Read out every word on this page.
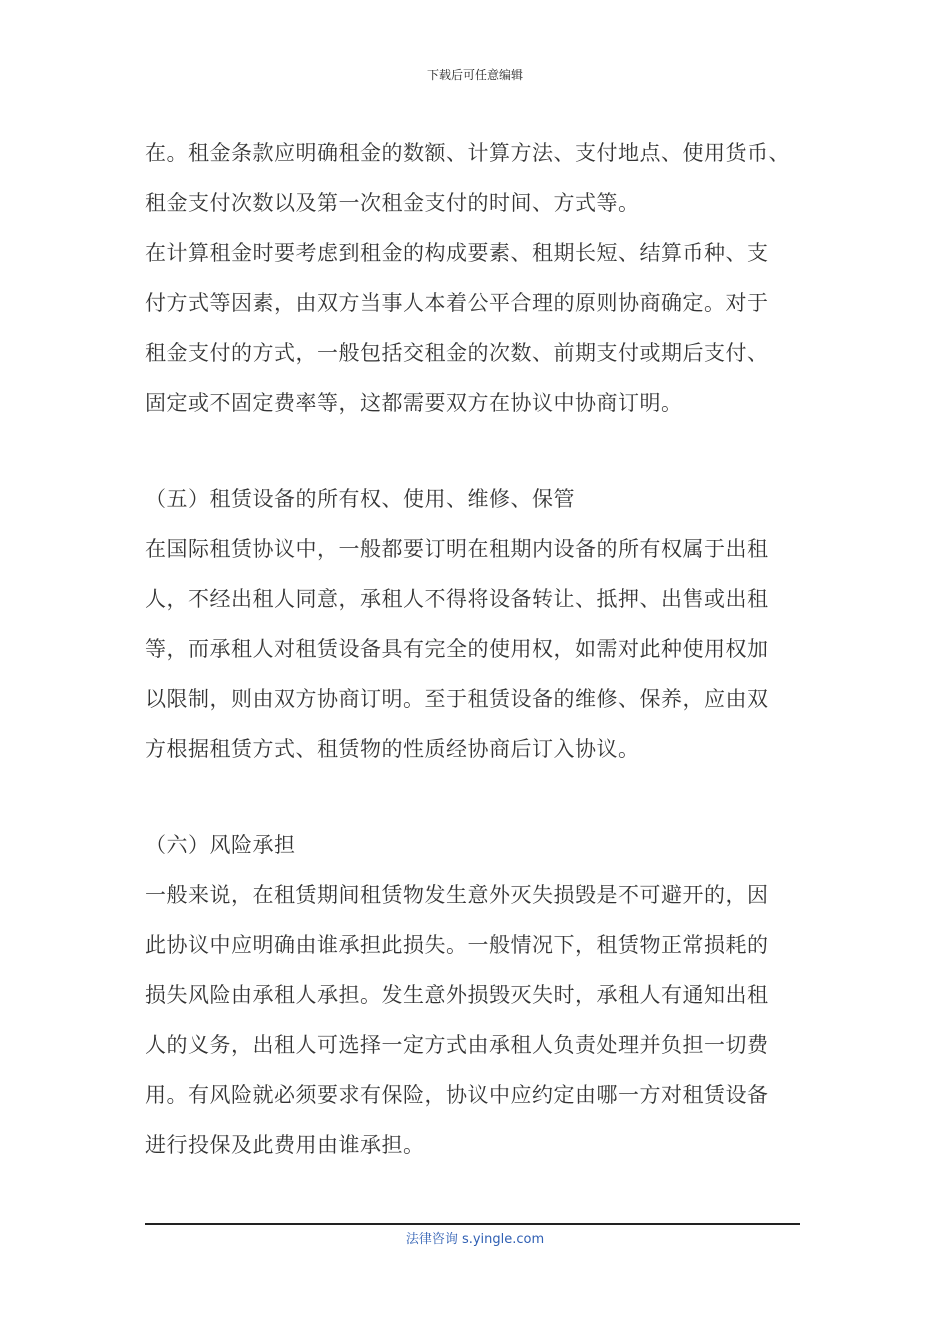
下载后可任意编辑
在。租金条款应明确租金的数额、计算方法、支付地点、使用货币、
租金支付次数以及第一次租金支付的时间、方式等。
在计算租金时要考虑到租金的构成要素、租期长短、结算币种、支
付方式等因素，由双方当事人本着公平合理的原则协商确定。对于
租金支付的方式，一般包括交租金的次数、前期支付或期后支付、
固定或不固定费率等，这都需要双方在协议中协商订明。
（五）租赁设备的所有权、使用、维修、保管
在国际租赁协议中，一般都要订明在租期内设备的所有权属于出租
人，不经出租人同意，承租人不得将设备转让、抵押、出售或出租
等，而承租人对租赁设备具有完全的使用权，如需对此种使用权加
以限制，则由双方协商订明。至于租赁设备的维修、保养，应由双
方根据租赁方式、租赁物的性质经协商后订入协议。
（六）风险承担
一般来说，在租赁期间租赁物发生意外灭失损毁是不可避开的，因
此协议中应明确由谁承担此损失。一般情况下，租赁物正常损耗的
损失风险由承租人承担。发生意外损毁灭失时，承租人有通知出租
人的义务，出租人可选择一定方式由承租人负责处理并负担一切费
用。有风险就必须要求有保险，协议中应约定由哪一方对租赁设备
进行投保及此费用由谁承担。
法律咨询 s.yingle.com
